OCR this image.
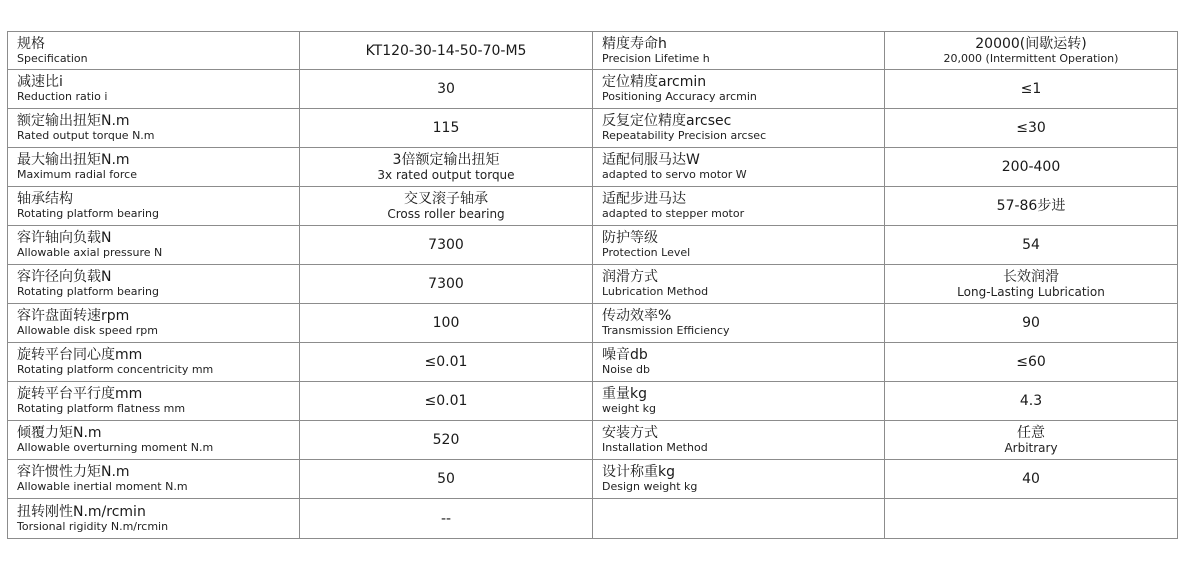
规格
Specification	KT120-30-14-50-70-M5	精度寿命h
Precision Lifetime h	20000(间歇运转)
20,000 (Intermittent Operation)

减速比i
Reduction ratio i	30	定位精度arcmin
Positioning Accuracy arcmin	≤1

额定输出扭矩N.m
Rated output torque N.m	115	反复定位精度arcsec
Repeatability Precision arcsec	≤30

最大输出扭矩N.m
Maximum radial force	3倍额定输出扭矩
3x rated output torque	适配伺服马达W
adapted to servo motor W	200-400

轴承结构
Rotating platform bearing	交叉滚子轴承
Cross roller bearing	适配步进马达
adapted to stepper motor	57-86步进

容许轴向负载N
Allowable axial pressure N	7300	防护等级
Protection Level	54

容许径向负载N
Rotating platform bearing	7300	润滑方式
Lubrication Method	长效润滑
Long-Lasting Lubrication

容许盘面转速rpm
Allowable disk speed rpm	100	传动效率%
Transmission Efficiency	90

旋转平台同心度mm
Rotating platform concentricity mm	≤0.01	噪音db
Noise db	≤60

旋转平台平行度mm
Rotating platform flatness mm	≤0.01	重量kg
weight kg	4.3

倾覆力矩N.m
Allowable overturning moment N.m	520	安装方式
Installation Method	任意
Arbitrary

容许惯性力矩N.m
Allowable inertial moment N.m	50	设计称重kg
Design weight kg	40

扭转刚性N.m/rcmin
Torsional rigidity N.m/rcmin	--		
